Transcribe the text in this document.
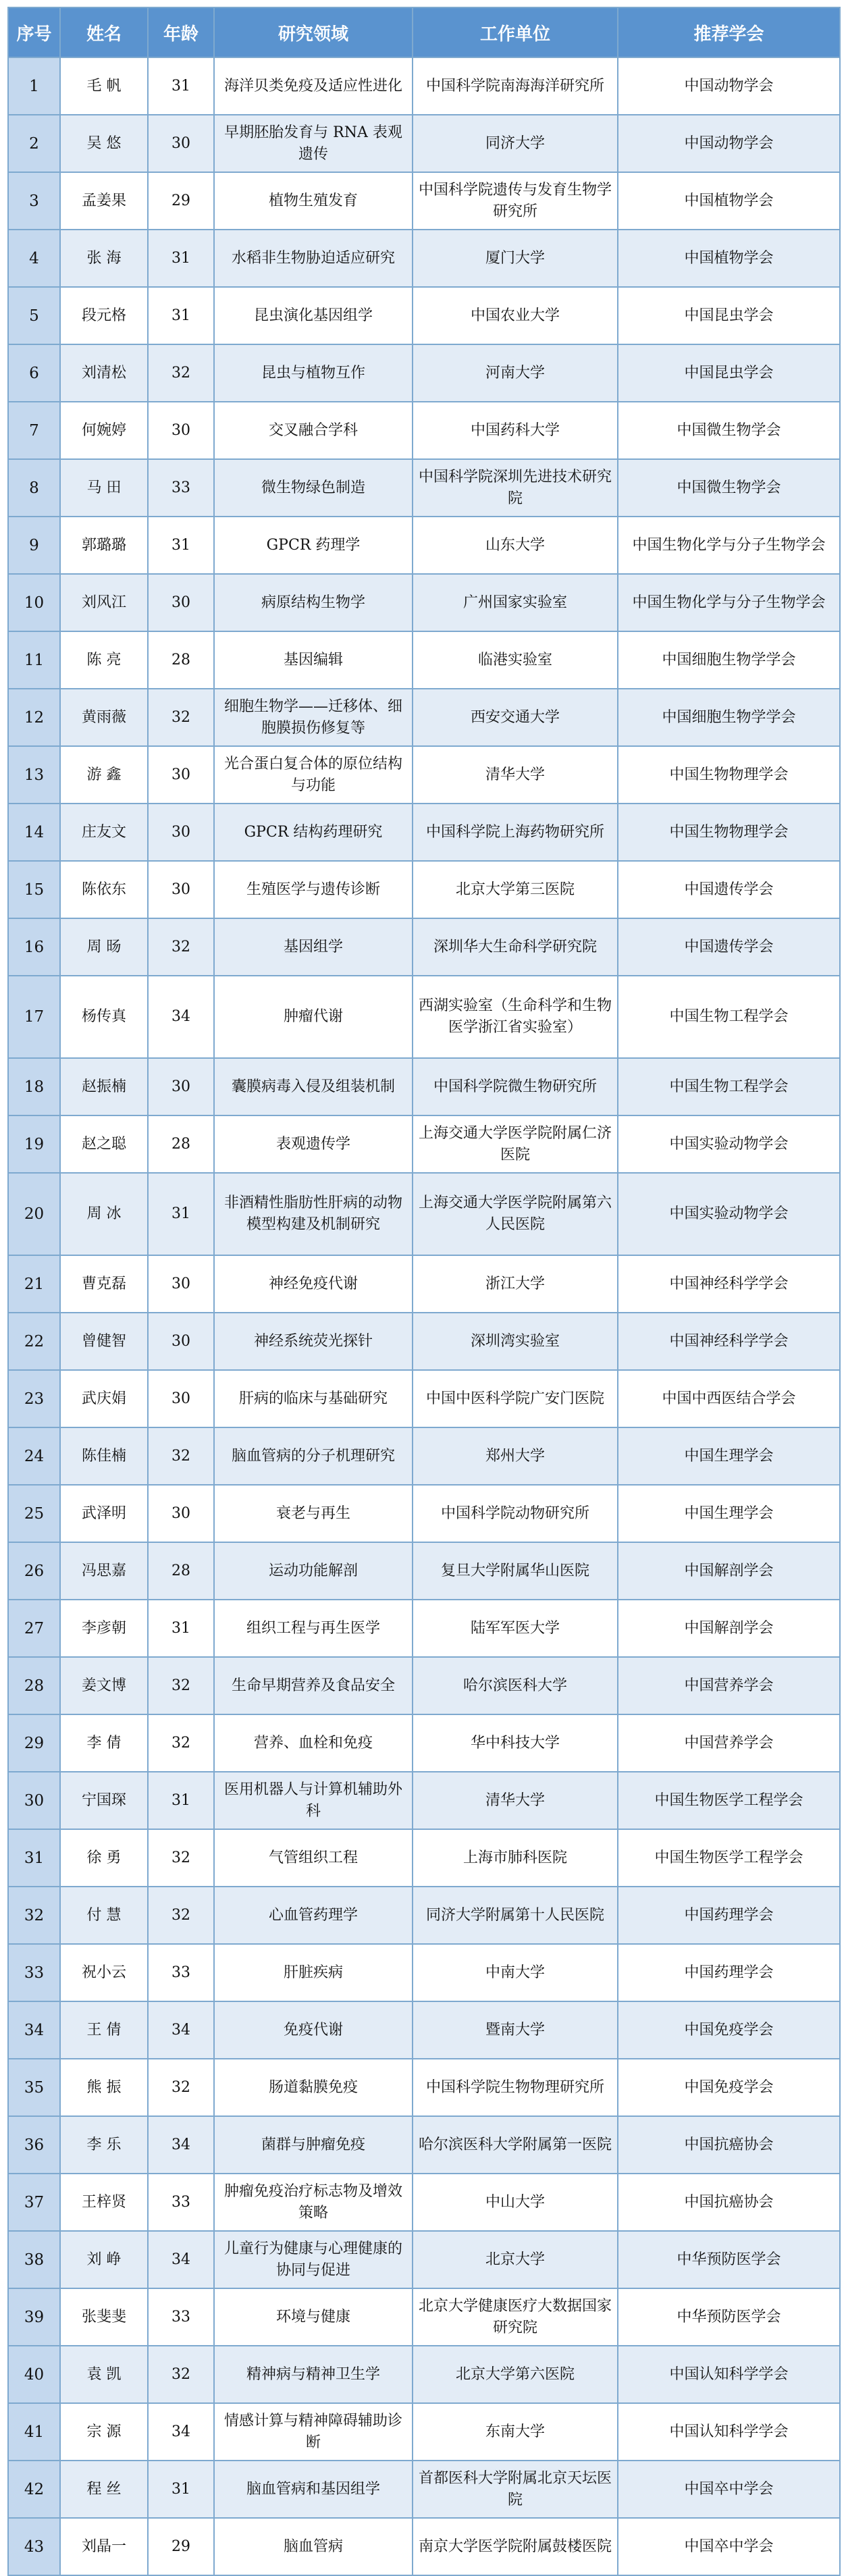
序号	姓名	年龄	研究领域	工作单位	推荐学会
1	毛 帆	31	海洋贝类免疫及适应性进化	中国科学院南海海洋研究所	中国动物学会
2	吴 悠	30	早期胚胎发育与 RNA 表观遗传	同济大学	中国动物学会
3	孟姜果	29	植物生殖发育	中国科学院遗传与发育生物学研究所	中国植物学会
4	张 海	31	水稻非生物胁迫适应研究	厦门大学	中国植物学会
5	段元格	31	昆虫演化基因组学	中国农业大学	中国昆虫学会
6	刘清松	32	昆虫与植物互作	河南大学	中国昆虫学会
7	何婉婷	30	交叉融合学科	中国药科大学	中国微生物学会
8	马 田	33	微生物绿色制造	中国科学院深圳先进技术研究院	中国微生物学会
9	郭璐璐	31	GPCR 药理学	山东大学	中国生物化学与分子生物学会
10	刘风江	30	病原结构生物学	广州国家实验室	中国生物化学与分子生物学会
11	陈 亮	28	基因编辑	临港实验室	中国细胞生物学学会
12	黄雨薇	32	细胞生物学——迁移体、细胞膜损伤修复等	西安交通大学	中国细胞生物学学会
13	游 鑫	30	光合蛋白复合体的原位结构与功能	清华大学	中国生物物理学会
14	庄友文	30	GPCR 结构药理研究	中国科学院上海药物研究所	中国生物物理学会
15	陈依东	30	生殖医学与遗传诊断	北京大学第三医院	中国遗传学会
16	周 旸	32	基因组学	深圳华大生命科学研究院	中国遗传学会
17	杨传真	34	肿瘤代谢	西湖实验室（生命科学和生物医学浙江省实验室）	中国生物工程学会
18	赵振楠	30	囊膜病毒入侵及组装机制	中国科学院微生物研究所	中国生物工程学会
19	赵之聪	28	表观遗传学	上海交通大学医学院附属仁济医院	中国实验动物学会
20	周 冰	31	非酒精性脂肪性肝病的动物模型构建及机制研究	上海交通大学医学院附属第六人民医院	中国实验动物学会
21	曹克磊	30	神经免疫代谢	浙江大学	中国神经科学学会
22	曾健智	30	神经系统荧光探针	深圳湾实验室	中国神经科学学会
23	武庆娟	30	肝病的临床与基础研究	中国中医科学院广安门医院	中国中西医结合学会
24	陈佳楠	32	脑血管病的分子机理研究	郑州大学	中国生理学会
25	武泽明	30	衰老与再生	中国科学院动物研究所	中国生理学会
26	冯思嘉	28	运动功能解剖	复旦大学附属华山医院	中国解剖学会
27	李彦朝	31	组织工程与再生医学	陆军军医大学	中国解剖学会
28	姜文博	32	生命早期营养及食品安全	哈尔滨医科大学	中国营养学会
29	李 倩	32	营养、血栓和免疫	华中科技大学	中国营养学会
30	宁国琛	31	医用机器人与计算机辅助外科	清华大学	中国生物医学工程学会
31	徐 勇	32	气管组织工程	上海市肺科医院	中国生物医学工程学会
32	付 慧	32	心血管药理学	同济大学附属第十人民医院	中国药理学会
33	祝小云	33	肝脏疾病	中南大学	中国药理学会
34	王 倩	34	免疫代谢	暨南大学	中国免疫学会
35	熊 振	32	肠道黏膜免疫	中国科学院生物物理研究所	中国免疫学会
36	李 乐	34	菌群与肿瘤免疫	哈尔滨医科大学附属第一医院	中国抗癌协会
37	王梓贤	33	肿瘤免疫治疗标志物及增效策略	中山大学	中国抗癌协会
38	刘 峥	34	儿童行为健康与心理健康的协同与促进	北京大学	中华预防医学会
39	张斐斐	33	环境与健康	北京大学健康医疗大数据国家研究院	中华预防医学会
40	袁 凯	32	精神病与精神卫生学	北京大学第六医院	中国认知科学学会
41	宗 源	34	情感计算与精神障碍辅助诊断	东南大学	中国认知科学学会
42	程 丝	31	脑血管病和基因组学	首都医科大学附属北京天坛医院	中国卒中学会
43	刘晶一	29	脑血管病	南京大学医学院附属鼓楼医院	中国卒中学会
